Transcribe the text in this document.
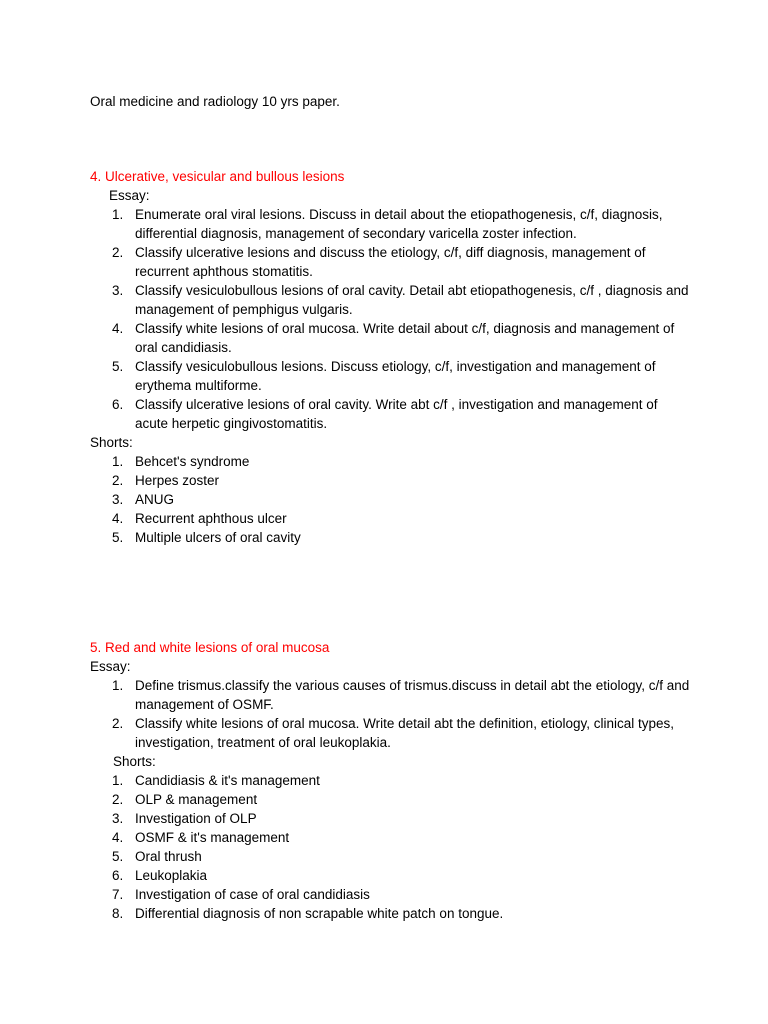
Oral medicine and radiology 10 yrs paper.

4. Ulcerative, vesicular and bullous lesions

Essay:

1. Enumerate oral viral lesions. Discuss in detail about the etiopathogenesis, c/f, diagnosis, differential diagnosis, management of secondary varicella zoster infection.
2. Classify ulcerative lesions and discuss the etiology, c/f, diff diagnosis, management of recurrent aphthous stomatitis.
3. Classify vesiculobullous lesions of oral cavity. Detail abt etiopathogenesis, c/f , diagnosis and management of pemphigus vulgaris.
4. Classify white lesions of oral mucosa. Write detail about c/f, diagnosis and management of oral candidiasis.
5. Classify vesiculobullous lesions. Discuss etiology, c/f, investigation and management of erythema multiforme.
6. Classify ulcerative lesions of oral cavity. Write abt c/f , investigation and management of acute herpetic gingivostomatitis.

Shorts:

1. Behcet's syndrome
2. Herpes zoster
3. ANUG
4. Recurrent aphthous ulcer
5. Multiple ulcers of oral cavity

5. Red and white lesions of oral mucosa

Essay:

1. Define trismus.classify the various causes of trismus.discuss in detail abt the etiology, c/f and management of OSMF.
2. Classify white lesions of oral mucosa. Write detail abt the definition, etiology, clinical types, investigation, treatment of oral leukoplakia.

Shorts:

1. Candidiasis & it's management
2. OLP & management
3. Investigation of OLP
4. OSMF & it's management
5. Oral thrush
6. Leukoplakia
7. Investigation of case of oral candidiasis
8. Differential diagnosis of non scrapable white patch on tongue.
